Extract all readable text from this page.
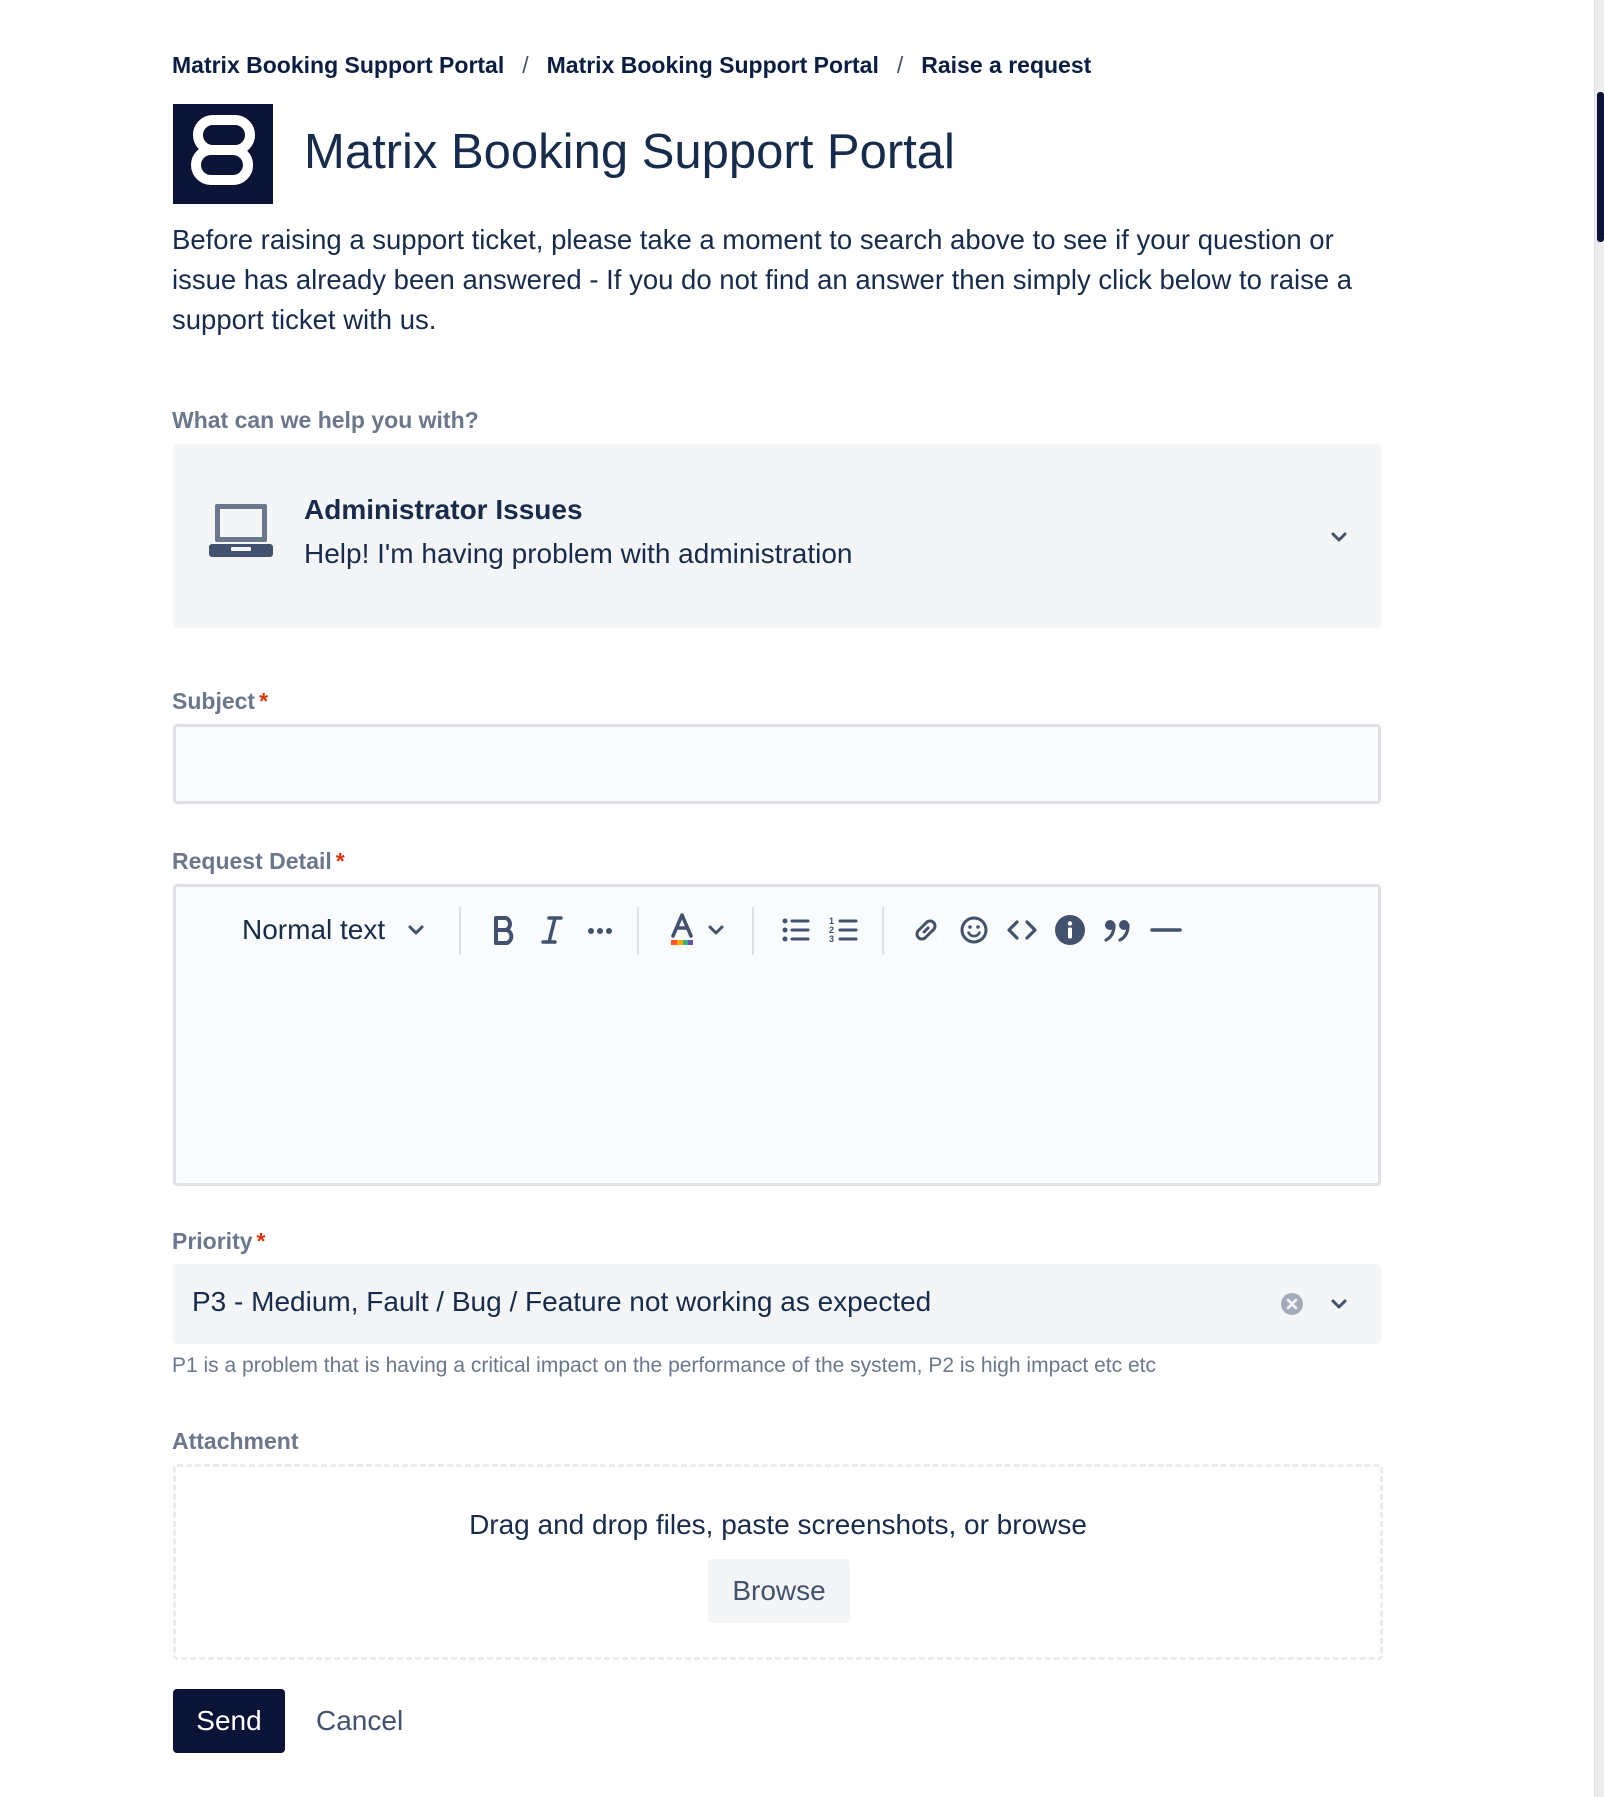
Matrix Booking Support Portal / Matrix Booking Support Portal / Raise a request
Matrix Booking Support Portal

Before raising a support ticket, please take a moment to search above to see if your question or issue has already been answered - If you do not find an answer then simply click below to raise a support ticket with us.

What can we help you with?
Administrator Issues
Help! I'm having problem with administration
Subject *
Request Detail *
Normal text	1
2
3
Priority *
P3 - Medium, Fault / Bug / Feature not working as expected
P1 is a problem that is having a critical impact on the performance of the system, P2 is high impact etc etc
Attachment
Drag and drop files, paste screenshots, or browse
Browse
Send	Cancel
